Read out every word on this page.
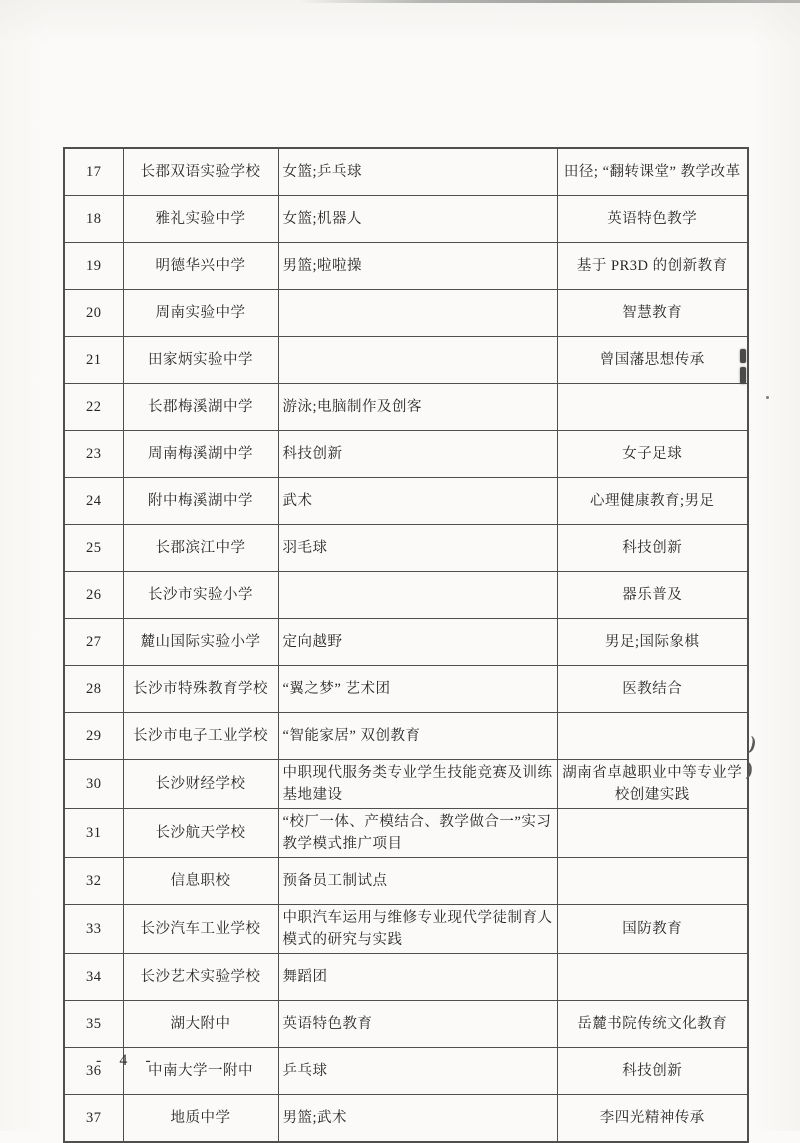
17	长郡双语实验学校	女篮;乒乓球	田径; “翻转课堂” 教学改革
18	雅礼实验中学	女篮;机器人	英语特色教学
19	明德华兴中学	男篮;啦啦操	基于 PR3D 的创新教育
20	周南实验中学		智慧教育
21	田家炳实验中学		曾国藩思想传承
22	长郡梅溪湖中学	游泳;电脑制作及创客	
23	周南梅溪湖中学	科技创新	女子足球
24	附中梅溪湖中学	武术	心理健康教育;男足
25	长郡滨江中学	羽毛球	科技创新
26	长沙市实验小学		器乐普及
27	麓山国际实验小学	定向越野	男足;国际象棋
28	长沙市特殊教育学校	“翼之梦” 艺术团	医教结合
29	长沙市电子工业学校	“智能家居” 双创教育	
30	长沙财经学校	中职现代服务类专业学生技能竞赛及训练基地建设	湖南省卓越职业中等专业学校创建实践
31	长沙航天学校	“校厂一体、产模结合、教学做合一”实习教学模式推广项目	
32	信息职校	预备员工制试点	
33	长沙汽车工业学校	中职汽车运用与维修专业现代学徒制育人模式的研究与实践	国防教育
34	长沙艺术实验学校	舞蹈团	
35	湖大附中	英语特色教育	岳麓书院传统文化教育
36	中南大学一附中	乒乓球	科技创新
37	地质中学	男篮;武术	李四光精神传承
- 4 -
)
)
